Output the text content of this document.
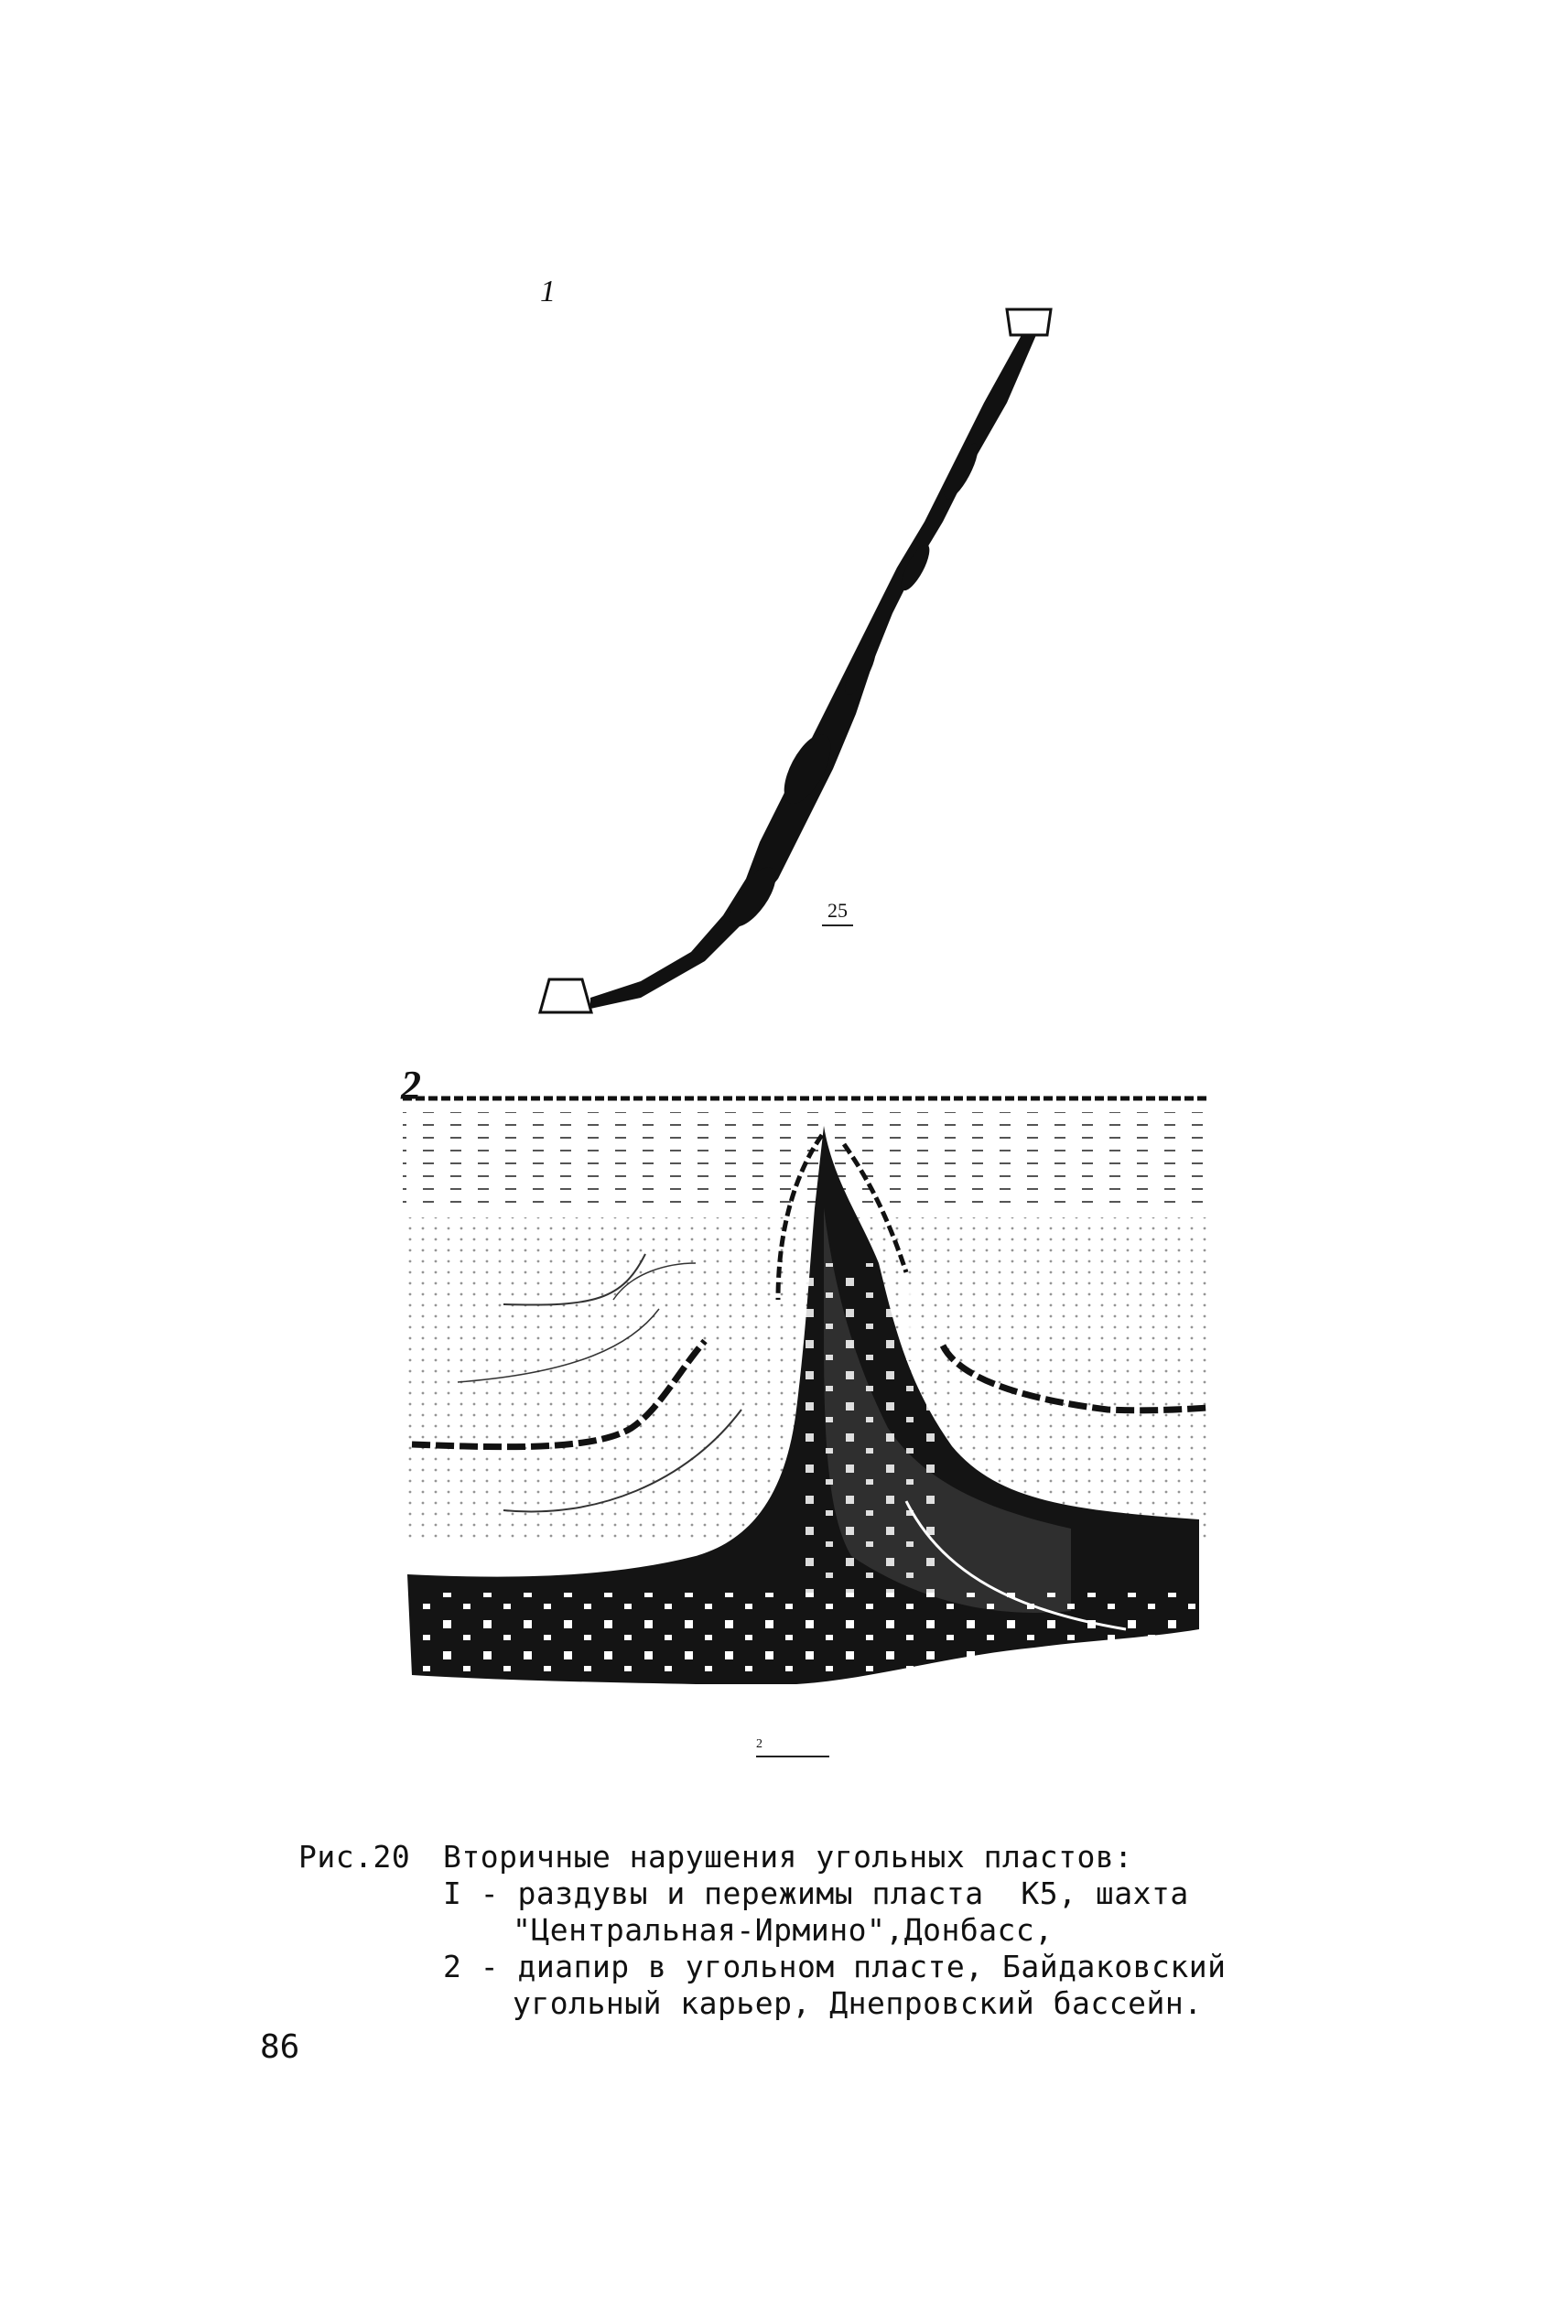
1
25
2
2
Рис.20 Вторичные нарушения угольных пластов:
I - раздувы и пережимы пласта  К5, шахта
"Центральная-Ирмино",Донбасс,
2 - диапир в угольном пласте, Байдаковский
угольный карьер, Днепровский бассейн.
86
